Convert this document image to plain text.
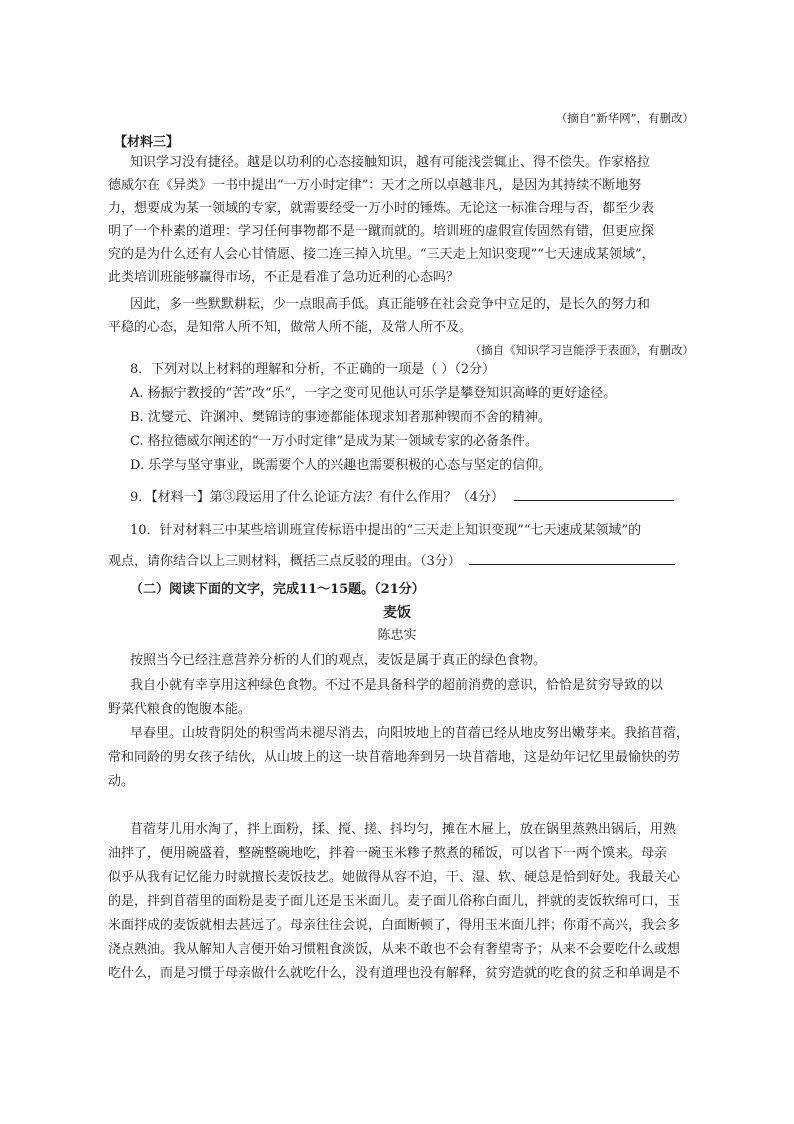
（摘自“新华网”，有删改）
【材料三】
知识学习没有捷径。越是以功利的心态接触知识，越有可能浅尝辄止、得不偿失。作家格拉
德威尔在《异类》一书中提出“一万小时定律”：天才之所以卓越非凡，是因为其持续不断地努
力，想要成为某一领域的专家，就需要经受一万小时的锤炼。无论这一标准合理与否，都至少表
明了一个朴素的道理：学习任何事物都不是一蹴而就的。培训班的虚假宣传固然有错，但更应探
究的是为什么还有人会心甘情愿、接二连三掉入坑里。“三天走上知识变现”“七天速成某领域”，
此类培训班能够赢得市场，不正是看准了急功近利的心态吗？
因此，多一些默默耕耘，少一点眼高手低。真正能够在社会竞争中立足的，是长久的努力和
平稳的心态，是知常人所不知，做常人所不能，及常人所不及。
（摘自《知识学习岂能浮于表面》，有删改）
8．下列对以上材料的理解和分析，不正确的一项是（ ）（2分）
A. 杨振宁教授的“苦”改“乐”，一字之变可见他认可乐学是攀登知识高峰的更好途径。
B. 沈燮元、许渊冲、樊锦诗的事迹都能体现求知者那种锲而不舍的精神。
C. 格拉德威尔阐述的“一万小时定律”是成为某一领域专家的必备条件。
D. 乐学与坚守事业，既需要个人的兴趣也需要积极的心态与坚定的信仰。
9．【材料一】第③段运用了什么论证方法？有什么作用？（4分）
10．针对材料三中某些培训班宣传标语中提出的“三天走上知识变现”“七天速成某领域”的
观点，请你结合以上三则材料，概括三点反驳的理由。（3分）
（二）阅读下面的文字，完成11～15题。（21分）
麦饭
陈忠实
按照当今已经注意营养分析的人们的观点，麦饭是属于真正的绿色食物。
我自小就有幸享用这种绿色食物。不过不是具备科学的超前消费的意识，恰恰是贫穷导致的以
野菜代粮食的饱腹本能。
早春里。山坡背阴处的积雪尚未褪尽消去，向阳坡地上的苜蓿已经从地皮努出嫩芽来。我掐苜蓿，
常和同龄的男女孩子结伙，从山坡上的这一块苜蓿地奔到另一块苜蓿地，这是幼年记忆里最愉快的劳
动。
苜蓿芽儿用水淘了，拌上面粉，揉、搅、搓、抖均匀，摊在木屉上，放在锅里蒸熟出锅后，用熟
油拌了，便用碗盛着，整碗整碗地吃，拌着一碗玉米糁子熬煮的稀饭，可以省下一两个馍来。母亲
似乎从我有记忆能力时就擅长麦饭技艺。她做得从容不迫，干、湿、软、硬总是恰到好处。我最关心
的是，拌到苜蓿里的面粉是麦子面儿还是玉米面儿。麦子面儿俗称白面儿，拌就的麦饭软绵可口，玉
米面拌成的麦饭就相去甚远了。母亲往往会说，白面断顿了，得用玉米面儿拌；你甭不高兴，我会多
浇点熟油。我从解知人言便开始习惯粗食淡饭，从来不敢也不会有奢望寄予；从来不会要吃什么或想
吃什么，而是习惯于母亲做什么就吃什么，没有道理也没有解释，贫穷造就的吃食的贫乏和单调是不
